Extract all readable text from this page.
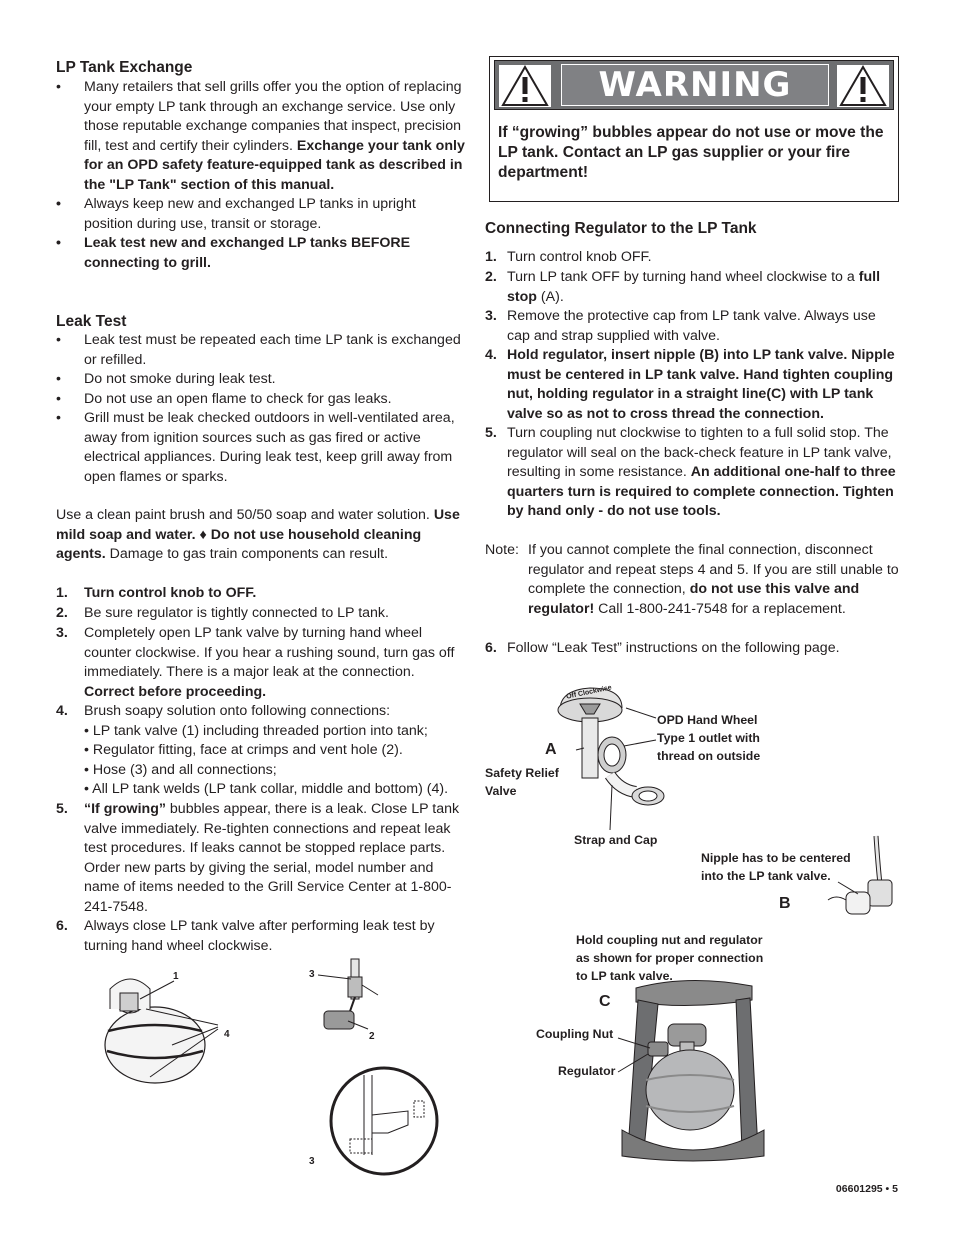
LP Tank Exchange
•	Many retailers that sell grills offer you the option of replacing your empty LP tank through an exchange service. Use only those reputable exchange companies that inspect, precision fill, test and certify their cylinders. Exchange your tank only for an OPD safety feature-equipped tank as described in the "LP Tank" section of this manual.
•	Always keep new and exchanged LP tanks in upright position during use, transit or storage.
•	Leak test new and exchanged LP tanks BEFORE connecting to grill.
Leak Test
•	Leak test must be repeated each time LP tank is exchanged or refilled.
•	Do not smoke during leak test.
•	Do not use an open flame to check for gas leaks.
•	Grill must be leak checked outdoors in well-ventilated area, away from ignition sources such as gas fired or active electrical appliances. During leak test, keep grill away from open flames or sparks.
Use a clean paint brush and 50/50 soap and water solution. Use mild soap and water. ♦ Do not use household cleaning agents. Damage to gas train components can result.
1.	Turn control knob to OFF.
2.	Be sure regulator is tightly connected to LP tank.
3.	Completely open LP tank valve by turning hand wheel counter clockwise. If you hear a rushing sound, turn gas off immediately. There is a major leak at the connection. Correct before proceeding.
4.	Brush soapy solution onto following connections:
• LP tank valve (1) including threaded portion into tank;
• Regulator fitting, face at crimps and vent hole (2).
• Hose (3) and all connections;
• All LP tank welds (LP tank collar, middle and bottom) (4).
5.	“If growing” bubbles appear, there is a leak. Close LP tank valve immediately. Re-tighten connections and repeat leak test procedures. If leaks cannot be stopped replace parts. Order new parts by giving the serial, model number and name of items needed to the Grill Service Center at 1-800-241-7548.
6.	Always close LP tank valve after performing leak test by turning hand wheel clockwise.
1
4
3
2
3
WARNING
If “growing” bubbles appear do not use or move the LP tank. Contact an LP gas supplier or your fire department!
Connecting Regulator to the LP Tank
1. Turn control knob OFF.
2. Turn LP tank OFF by turning hand wheel clockwise to a full stop (A).
3. Remove the protective cap from LP tank valve. Always use cap and strap supplied with valve.
4. Hold regulator, insert nipple (B) into LP tank valve. Nipple must be centered in LP tank valve. Hand tighten coupling nut, holding regulator in a straight line(C) with LP tank valve so as not to cross thread the connection.
5. Turn coupling nut clockwise to tighten to a full solid stop. The regulator will seal on the back-check feature in LP tank valve, resulting in some resistance. An additional one-half to three quarters turn is required to complete connection. Tighten by hand only - do not use tools.
Note: If you cannot complete the final connection, disconnect regulator and repeat steps 4 and 5. If you are still unable to complete the connection, do not use this valve and regulator! Call 1-800-241-7548 for a replacement.
6. Follow “Leak Test” instructions on the following page.
Off Clockwise
OPD Hand Wheel
Type 1 outlet with
thread on outside
A
Safety Relief
Valve
Strap and Cap
Nipple has to be centered
into the LP tank valve.
B
Hold coupling nut and regulator
as shown for proper connection
to LP tank valve.
C
Coupling Nut
Regulator
06601295 • 5
